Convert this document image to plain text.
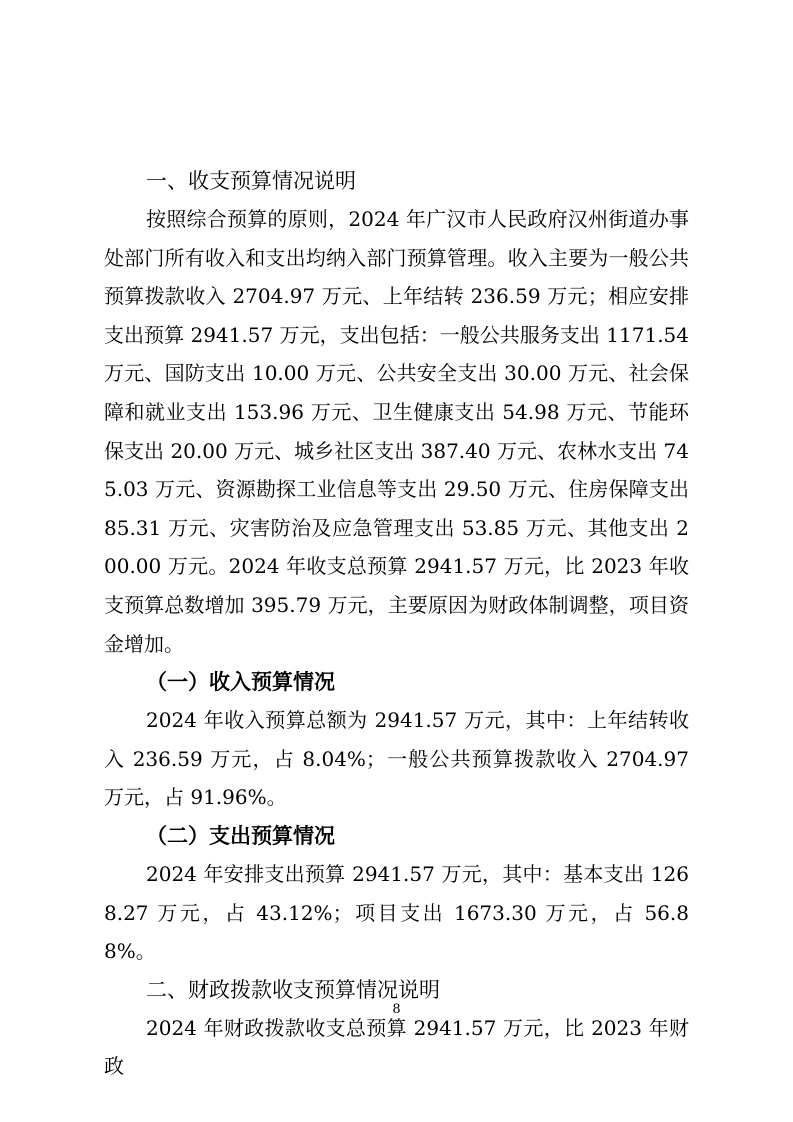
一、收支预算情况说明

按照综合预算的原则，2024 年广汉市人民政府汉州街道办事处部门所有收入和支出均纳入部门预算管理。收入主要为一般公共预算拨款收入 2704.97 万元、上年结转 236.59 万元；相应安排支出预算 2941.57 万元，支出包括：一般公共服务支出 1171.54 万元、国防支出 10.00 万元、公共安全支出 30.00 万元、社会保障和就业支出 153.96 万元、卫生健康支出 54.98 万元、节能环保支出 20.00 万元、城乡社区支出 387.40 万元、农林水支出 745.03 万元、资源勘探工业信息等支出 29.50 万元、住房保障支出 85.31 万元、灾害防治及应急管理支出 53.85 万元、其他支出 200.00 万元。2024 年收支总预算 2941.57 万元，比 2023 年收支预算总数增加 395.79 万元，主要原因为财政体制调整，项目资金增加。

（一）收入预算情况

2024 年收入预算总额为 2941.57 万元，其中：上年结转收入 236.59 万元，占 8.04%；一般公共预算拨款收入 2704.97 万元，占 91.96%。

（二）支出预算情况

2024 年安排支出预算 2941.57 万元，其中：基本支出 1268.27 万元，占 43.12%；项目支出 1673.30 万元，占 56.88%。

二、财政拨款收支预算情况说明

2024 年财政拨款收支总预算 2941.57 万元，比 2023 年财政

8
